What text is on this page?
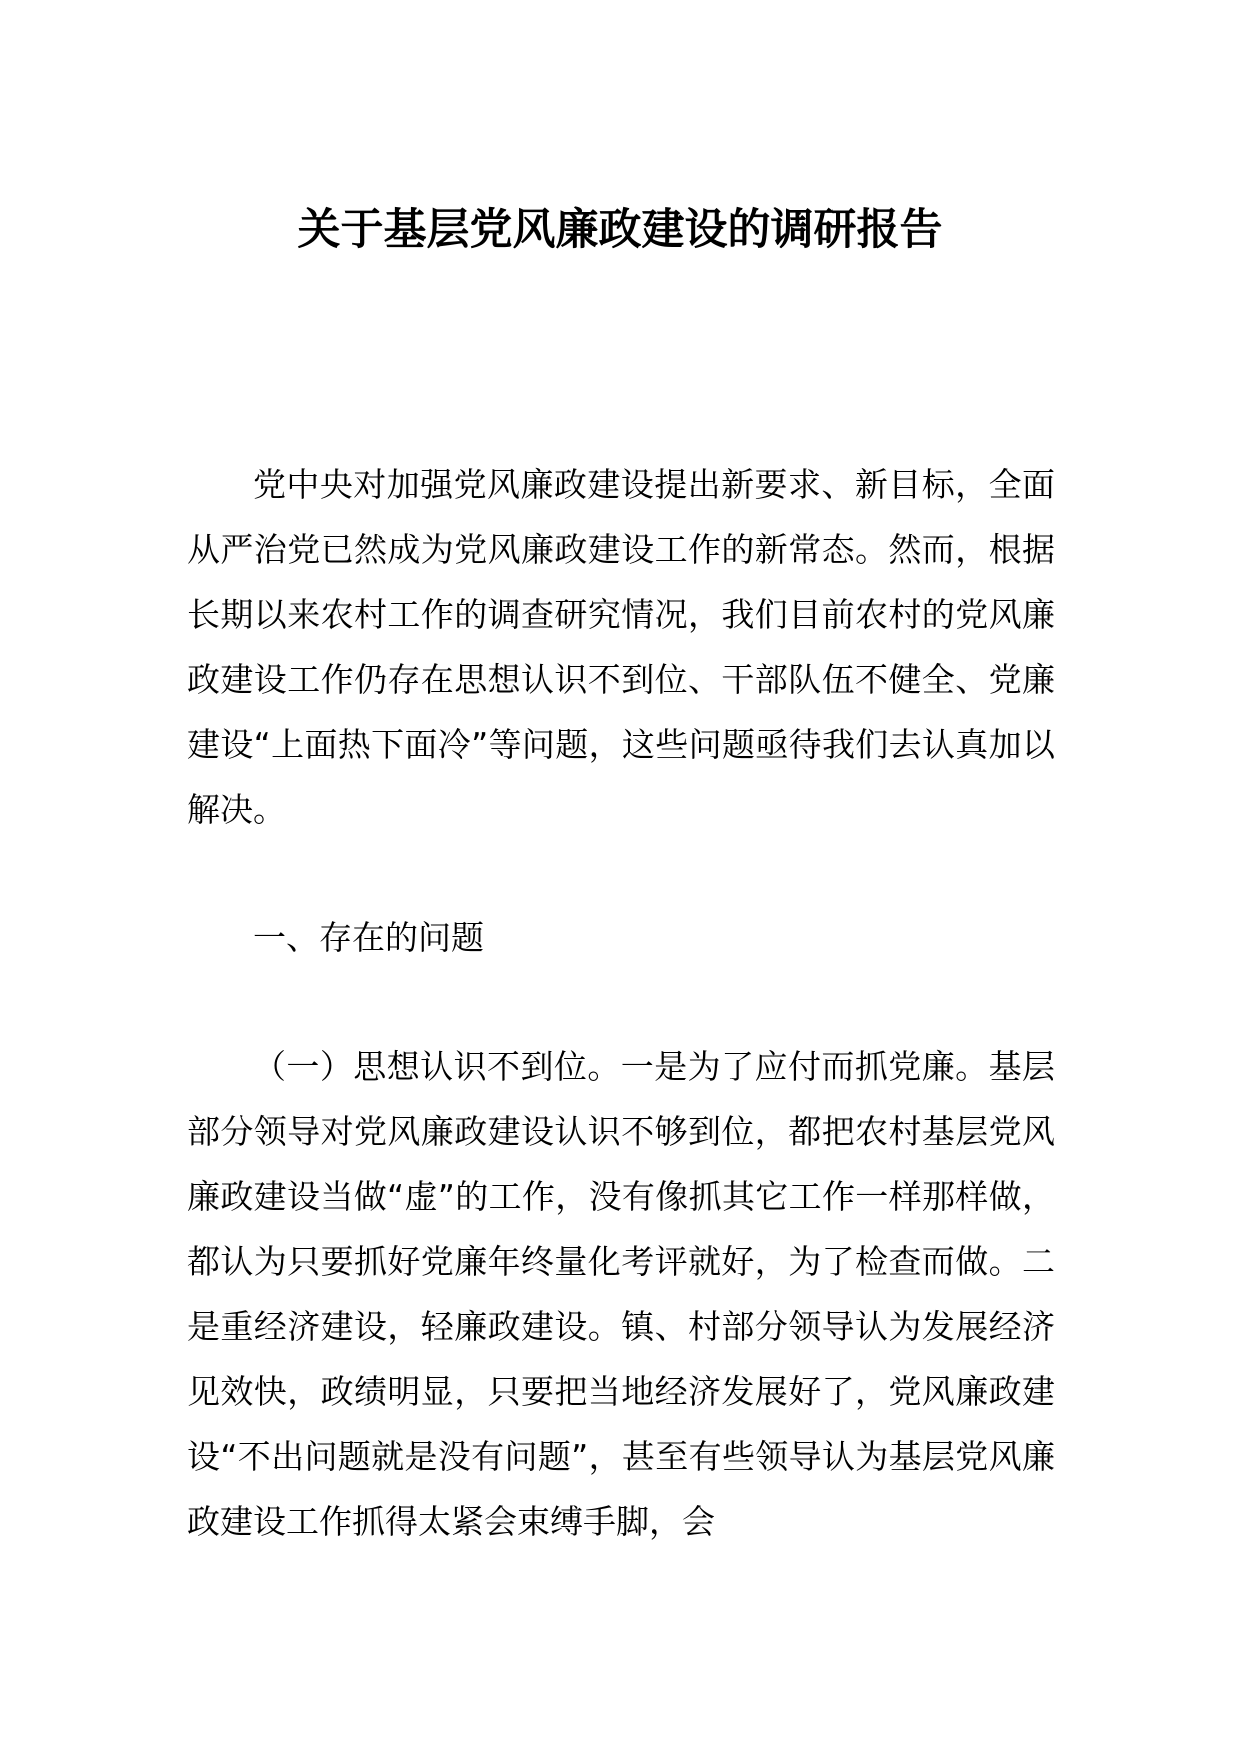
关于基层党风廉政建设的调研报告
党中央对加强党风廉政建设提出新要求、新目标，全面从严治党已然成为党风廉政建设工作的新常态。然而，根据长期以来农村工作的调查研究情况，我们目前农村的党风廉政建设工作仍存在思想认识不到位、干部队伍不健全、党廉建设“上面热下面冷”等问题，这些问题亟待我们去认真加以解决。
一、存在的问题
（一）思想认识不到位。一是为了应付而抓党廉。基层部分领导对党风廉政建设认识不够到位，都把农村基层党风廉政建设当做“虚”的工作，没有像抓其它工作一样那样做，都认为只要抓好党廉年终量化考评就好，为了检查而做。二是重经济建设，轻廉政建设。镇、村部分领导认为发展经济见效快，政绩明显，只要把当地经济发展好了，党风廉政建设“不出问题就是没有问题”，甚至有些领导认为基层党风廉政建设工作抓得太紧会束缚手脚，会
